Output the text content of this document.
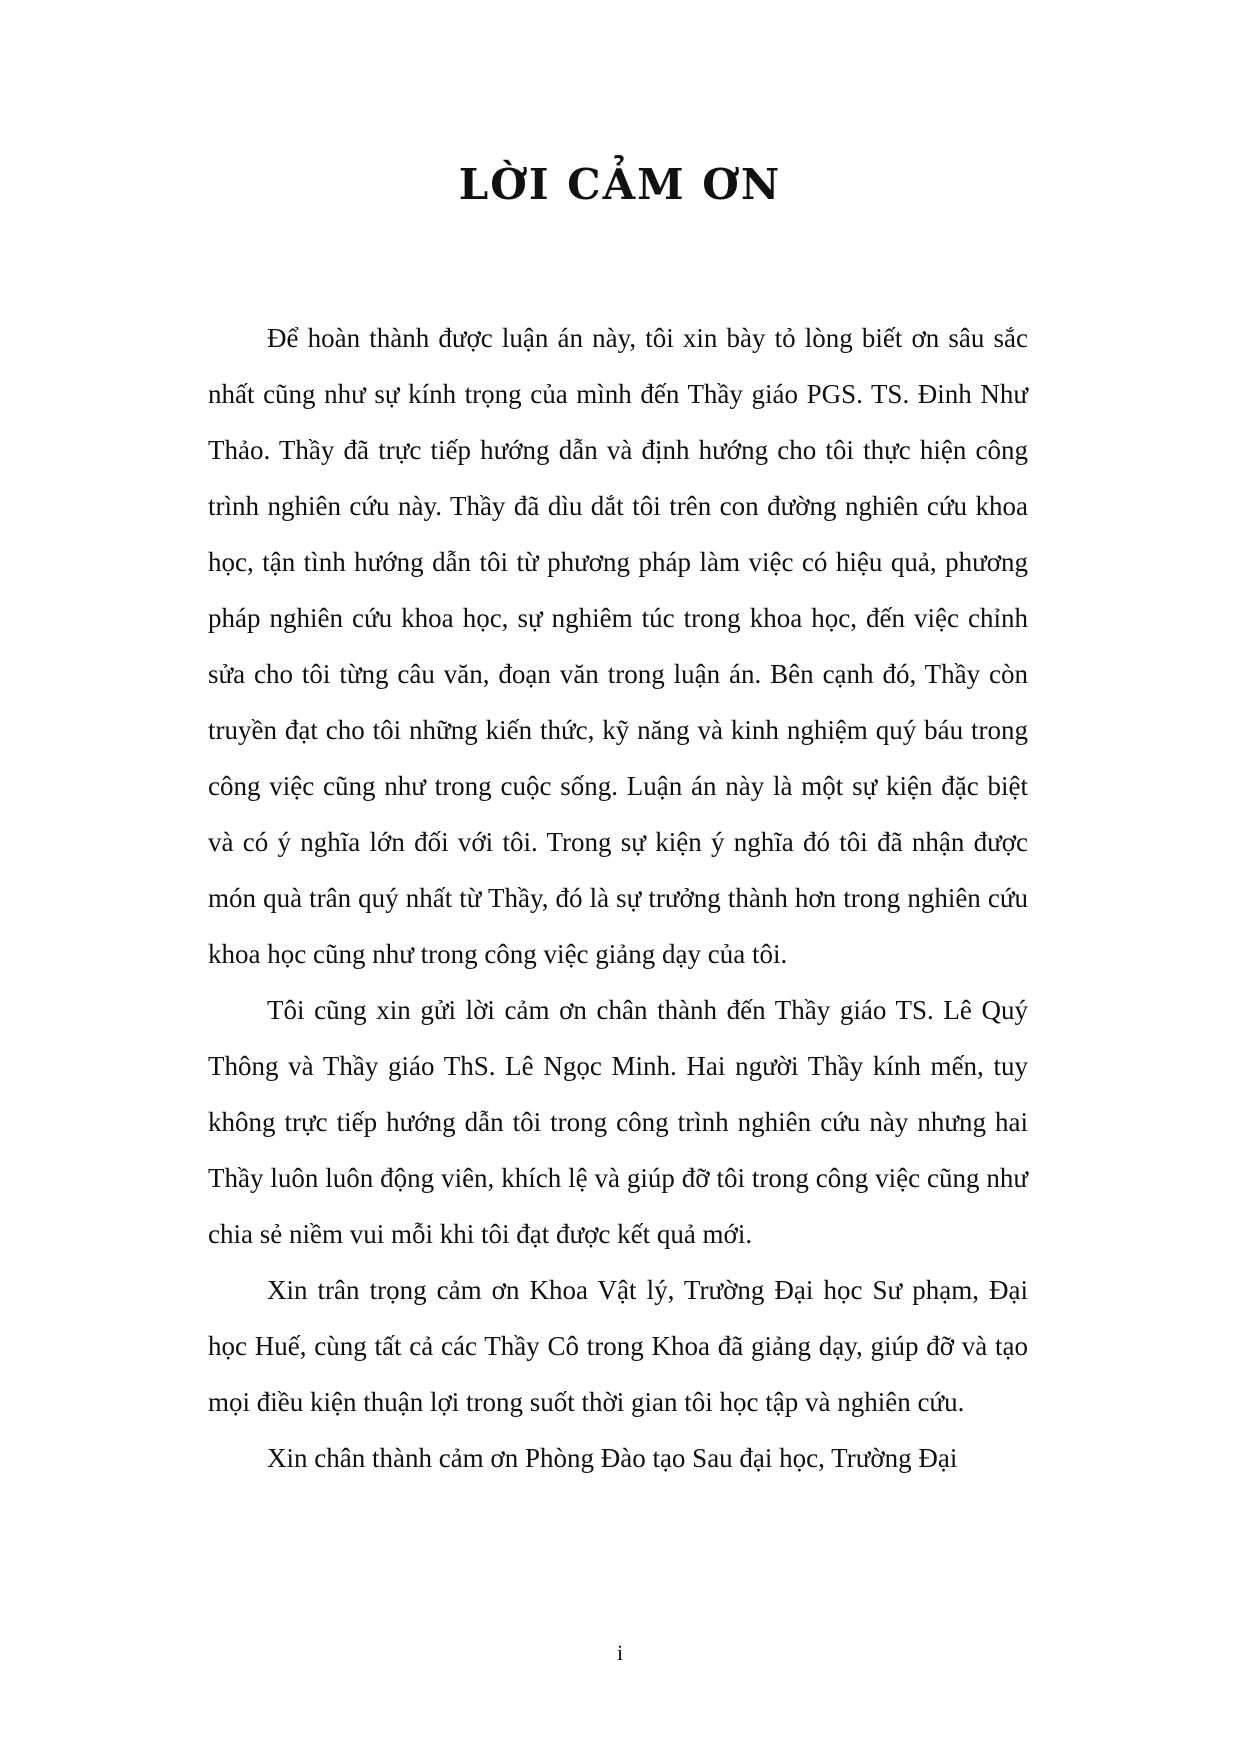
LỜI CẢM ƠN

Để hoàn thành được luận án này, tôi xin bày tỏ lòng biết ơn sâu sắc nhất cũng như sự kính trọng của mình đến Thầy giáo PGS. TS. Đinh Như Thảo. Thầy đã trực tiếp hướng dẫn và định hướng cho tôi thực hiện công trình nghiên cứu này. Thầy đã dìu dắt tôi trên con đường nghiên cứu khoa học, tận tình hướng dẫn tôi từ phương pháp làm việc có hiệu quả, phương pháp nghiên cứu khoa học, sự nghiêm túc trong khoa học, đến việc chỉnh sửa cho tôi từng câu văn, đoạn văn trong luận án. Bên cạnh đó, Thầy còn truyền đạt cho tôi những kiến thức, kỹ năng và kinh nghiệm quý báu trong công việc cũng như trong cuộc sống. Luận án này là một sự kiện đặc biệt và có ý nghĩa lớn đối với tôi. Trong sự kiện ý nghĩa đó tôi đã nhận được món quà trân quý nhất từ Thầy, đó là sự trưởng thành hơn trong nghiên cứu khoa học cũng như trong công việc giảng dạy của tôi.

Tôi cũng xin gửi lời cảm ơn chân thành đến Thầy giáo TS. Lê Quý Thông và Thầy giáo ThS. Lê Ngọc Minh. Hai người Thầy kính mến, tuy không trực tiếp hướng dẫn tôi trong công trình nghiên cứu này nhưng hai Thầy luôn luôn động viên, khích lệ và giúp đỡ tôi trong công việc cũng như chia sẻ niềm vui mỗi khi tôi đạt được kết quả mới.

Xin trân trọng cảm ơn Khoa Vật lý, Trường Đại học Sư phạm, Đại học Huế, cùng tất cả các Thầy Cô trong Khoa đã giảng dạy, giúp đỡ và tạo mọi điều kiện thuận lợi trong suốt thời gian tôi học tập và nghiên cứu.

Xin chân thành cảm ơn Phòng Đào tạo Sau đại học, Trường Đại

i
